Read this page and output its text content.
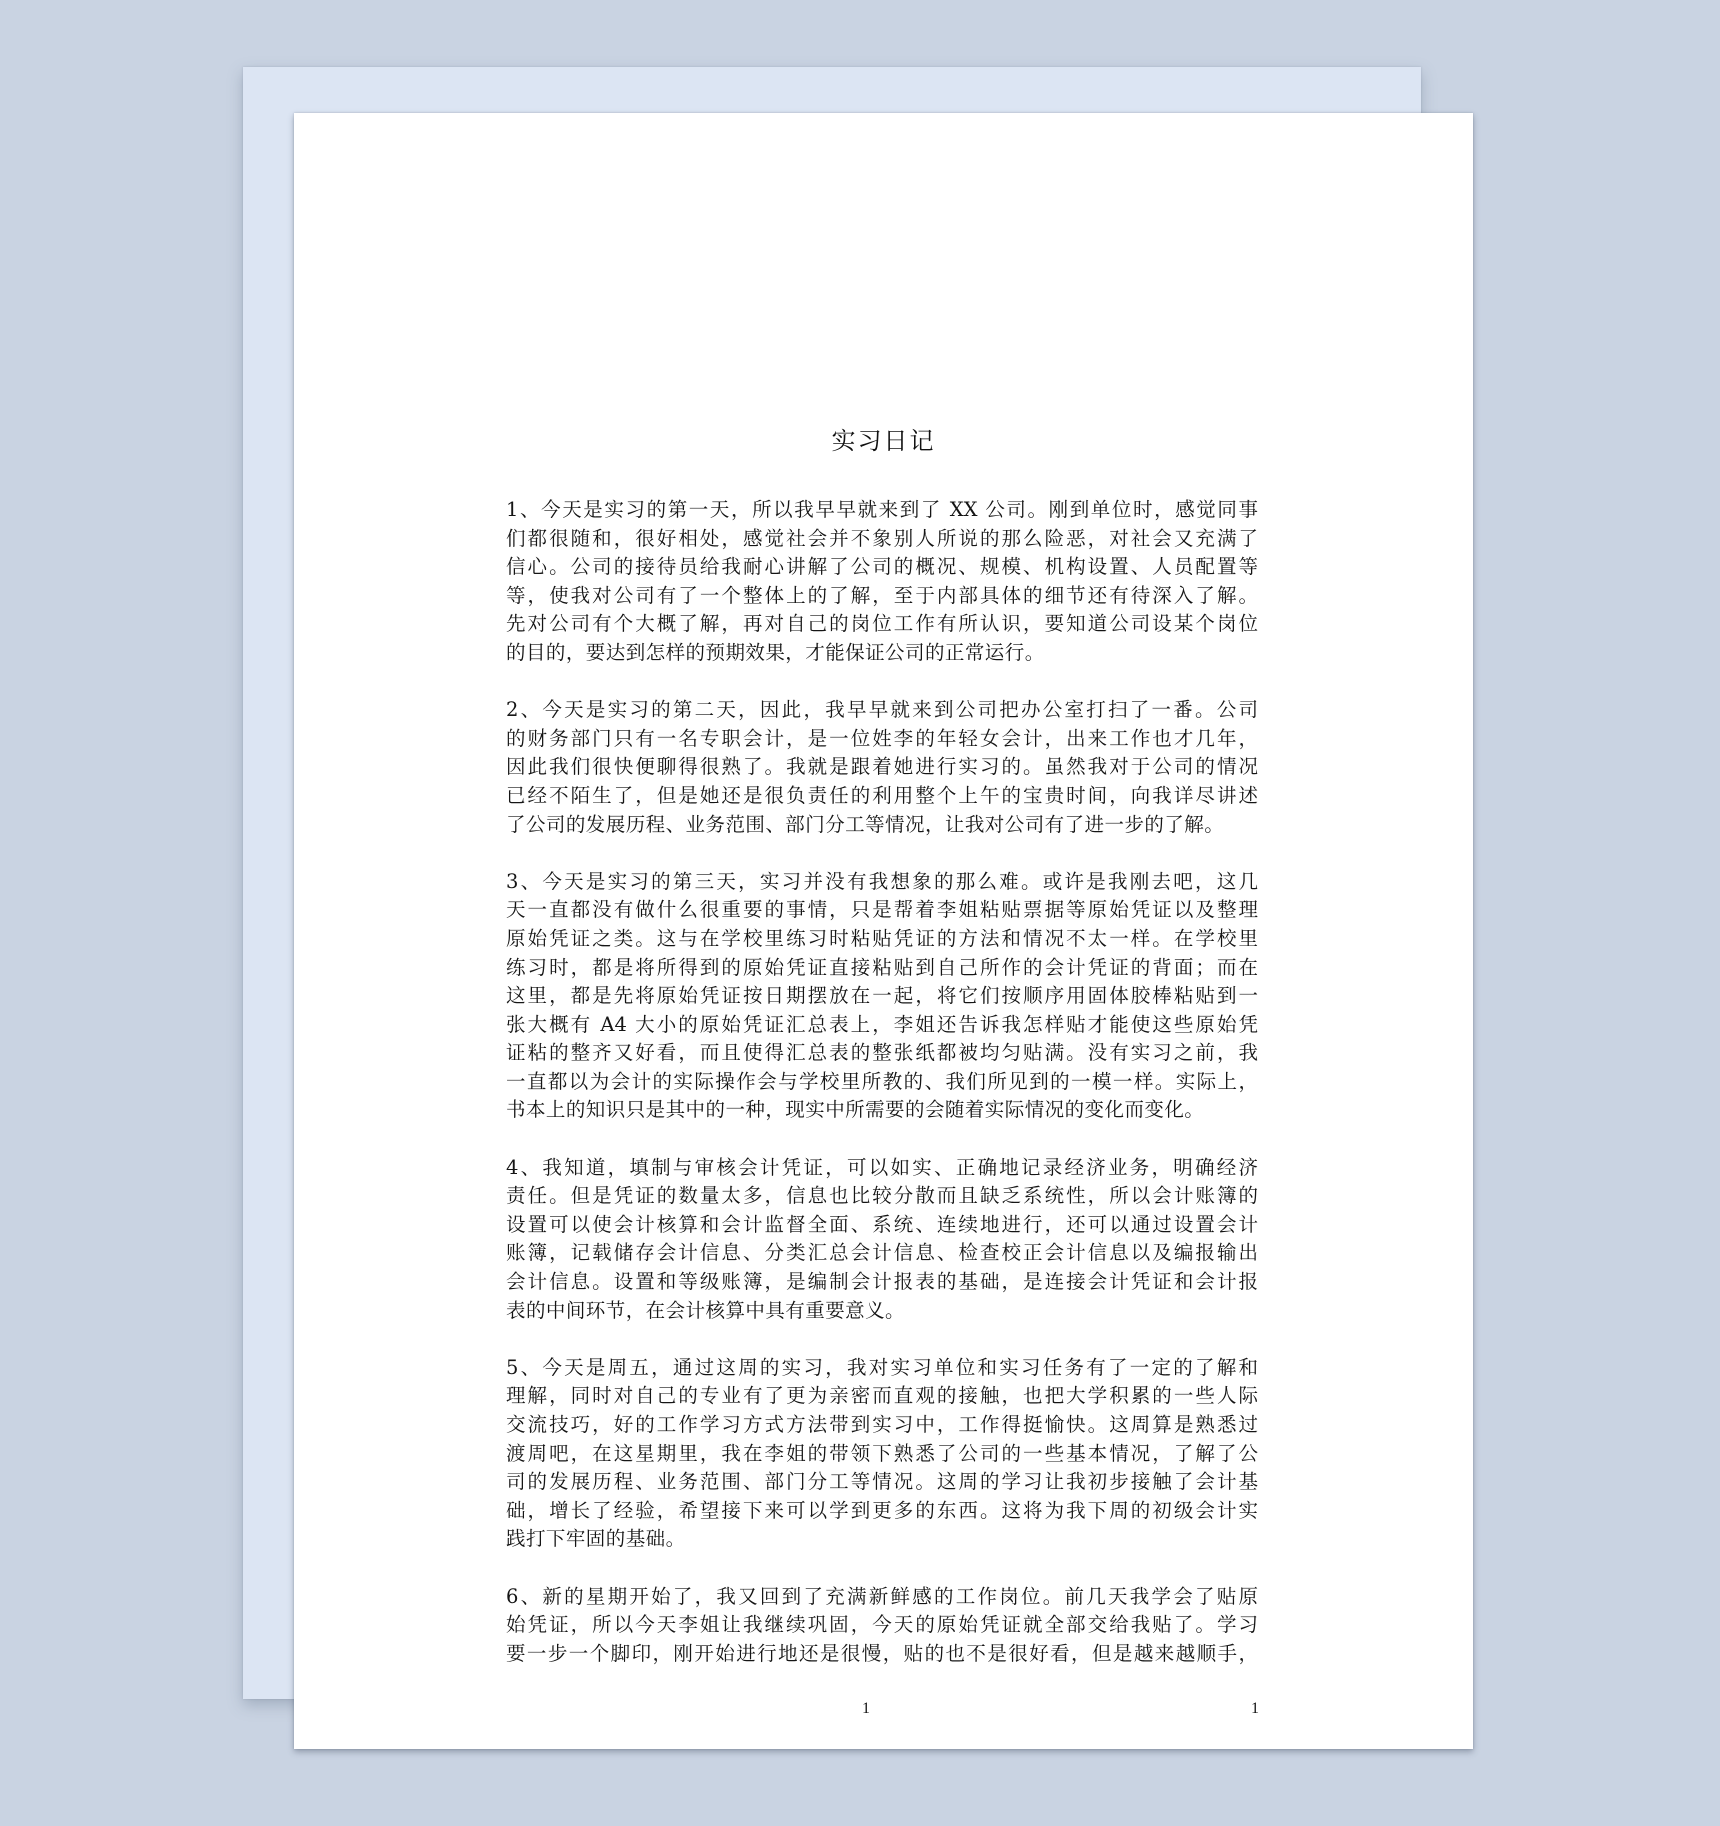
实习日记
1、今天是实习的第一天，所以我早早就来到了 XX 公司。刚到单位时，感觉同事
们都很随和，很好相处，感觉社会并不象别人所说的那么险恶，对社会又充满了
信心。公司的接待员给我耐心讲解了公司的概况、规模、机构设置、人员配置等
等，使我对公司有了一个整体上的了解，至于内部具体的细节还有待深入了解。
先对公司有个大概了解，再对自己的岗位工作有所认识，要知道公司设某个岗位
的目的，要达到怎样的预期效果，才能保证公司的正常运行。
2、今天是实习的第二天，因此，我早早就来到公司把办公室打扫了一番。公司
的财务部门只有一名专职会计，是一位姓李的年轻女会计，出来工作也才几年，
因此我们很快便聊得很熟了。我就是跟着她进行实习的。虽然我对于公司的情况
已经不陌生了，但是她还是很负责任的利用整个上午的宝贵时间，向我详尽讲述
了公司的发展历程、业务范围、部门分工等情况，让我对公司有了进一步的了解。
3、今天是实习的第三天，实习并没有我想象的那么难。或许是我刚去吧，这几
天一直都没有做什么很重要的事情，只是帮着李姐粘贴票据等原始凭证以及整理
原始凭证之类。这与在学校里练习时粘贴凭证的方法和情况不太一样。在学校里
练习时，都是将所得到的原始凭证直接粘贴到自己所作的会计凭证的背面；而在
这里，都是先将原始凭证按日期摆放在一起，将它们按顺序用固体胶棒粘贴到一
张大概有 A4 大小的原始凭证汇总表上，李姐还告诉我怎样贴才能使这些原始凭
证粘的整齐又好看，而且使得汇总表的整张纸都被均匀贴满。没有实习之前，我
一直都以为会计的实际操作会与学校里所教的、我们所见到的一模一样。实际上，
书本上的知识只是其中的一种，现实中所需要的会随着实际情况的变化而变化。
4、我知道，填制与审核会计凭证，可以如实、正确地记录经济业务，明确经济
责任。但是凭证的数量太多，信息也比较分散而且缺乏系统性，所以会计账簿的
设置可以使会计核算和会计监督全面、系统、连续地进行，还可以通过设置会计
账簿，记载储存会计信息、分类汇总会计信息、检查校正会计信息以及编报输出
会计信息。设置和等级账簿，是编制会计报表的基础，是连接会计凭证和会计报
表的中间环节，在会计核算中具有重要意义。
5、今天是周五，通过这周的实习，我对实习单位和实习任务有了一定的了解和
理解，同时对自己的专业有了更为亲密而直观的接触，也把大学积累的一些人际
交流技巧，好的工作学习方式方法带到实习中，工作得挺愉快。这周算是熟悉过
渡周吧，在这星期里，我在李姐的带领下熟悉了公司的一些基本情况，了解了公
司的发展历程、业务范围、部门分工等情况。这周的学习让我初步接触了会计基
础，增长了经验，希望接下来可以学到更多的东西。这将为我下周的初级会计实
践打下牢固的基础。
6、新的星期开始了，我又回到了充满新鲜感的工作岗位。前几天我学会了贴原
始凭证，所以今天李姐让我继续巩固，今天的原始凭证就全部交给我贴了。学习
要一步一个脚印，刚开始进行地还是很慢，贴的也不是很好看，但是越来越顺手，
1	1
